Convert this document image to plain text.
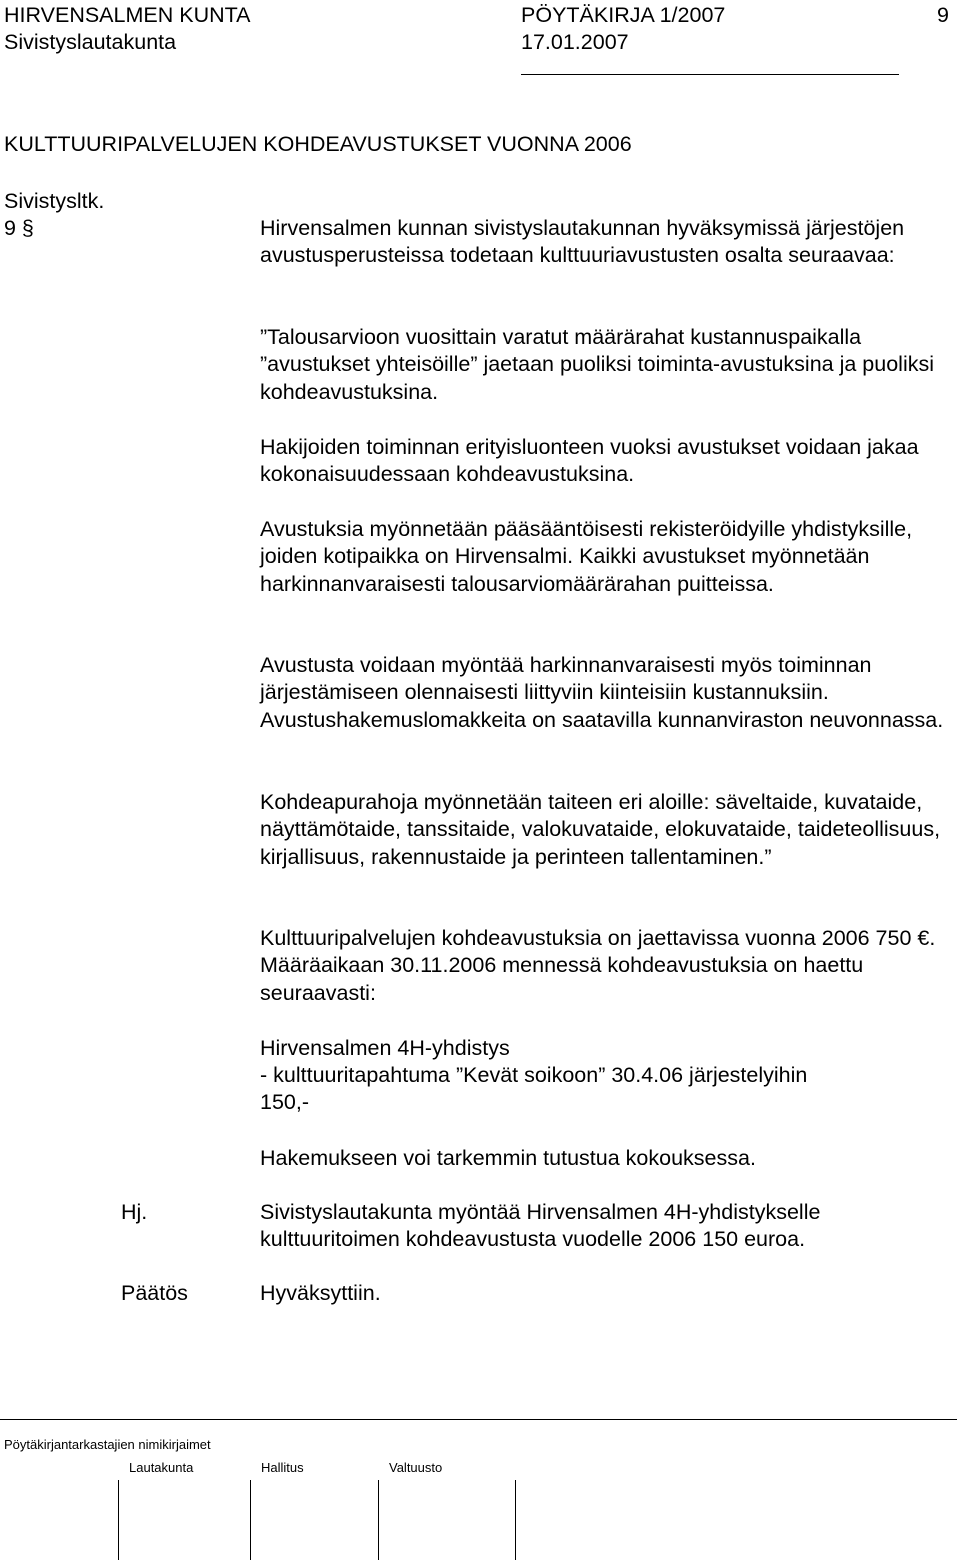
HIRVENSALMEN KUNTA	PÖYTÄKIRJA 1/2007	9
Sivistyslautakunta	17.01.2007
KULTTUURIPALVELUJEN KOHDEAVUSTUKSET VUONNA 2006
Sivistysltk.
9 §	Hirvensalmen kunnan sivistyslautakunnan hyväksymissä järjestöjen avustusperusteissa todetaan kulttuuriavustusten osalta seuraavaa:

”Talousarvioon vuosittain varatut määrärahat kustannuspaikalla ”avustukset yhteisöille” jaetaan puoliksi toiminta-avustuksina ja puoliksi kohdeavustuksina.

Hakijoiden toiminnan erityisluonteen vuoksi avustukset voidaan jakaa kokonaisuudessaan kohdeavustuksina.

Avustuksia myönnetään pääsääntöisesti rekisteröidyille yhdistyksille, joiden kotipaikka on Hirvensalmi. Kaikki avustukset myönnetään harkinnanvaraisesti talousarviomäärärahan puitteissa.

Avustusta voidaan myöntää harkinnanvaraisesti myös toiminnan järjestämiseen olennaisesti liittyviin kiinteisiin kustannuksiin. Avustushakemuslomakkeita on saatavilla kunnanviraston neuvonnassa.

Kohdeapurahoja myönnetään taiteen eri aloille: säveltaide, kuvataide, näyttämötaide, tanssitaide, valokuvataide, elokuvataide, taideteollisuus, kirjallisuus, rakennustaide ja perinteen tallentaminen.”

Kulttuuripalvelujen kohdeavustuksia on jaettavissa vuonna 2006 750 €. Määräaikaan 30.11.2006 mennessä kohdeavustuksia on haettu seuraavasti:

Hirvensalmen 4H-yhdistys
- kulttuuritapahtuma ”Kevät soikoon” 30.4.06 järjestelyihin
150,-
Hakemukseen voi tarkemmin tutustua kokouksessa.
Hj.	Sivistyslautakunta myöntää Hirvensalmen 4H-yhdistykselle kulttuuritoimen kohdeavustusta vuodelle 2006 150 euroa.

Päätös	Hyväksyttiin.
Pöytäkirjantarkastajien nimikirjaimet
Lautakunta	Hallitus	Valtuusto
